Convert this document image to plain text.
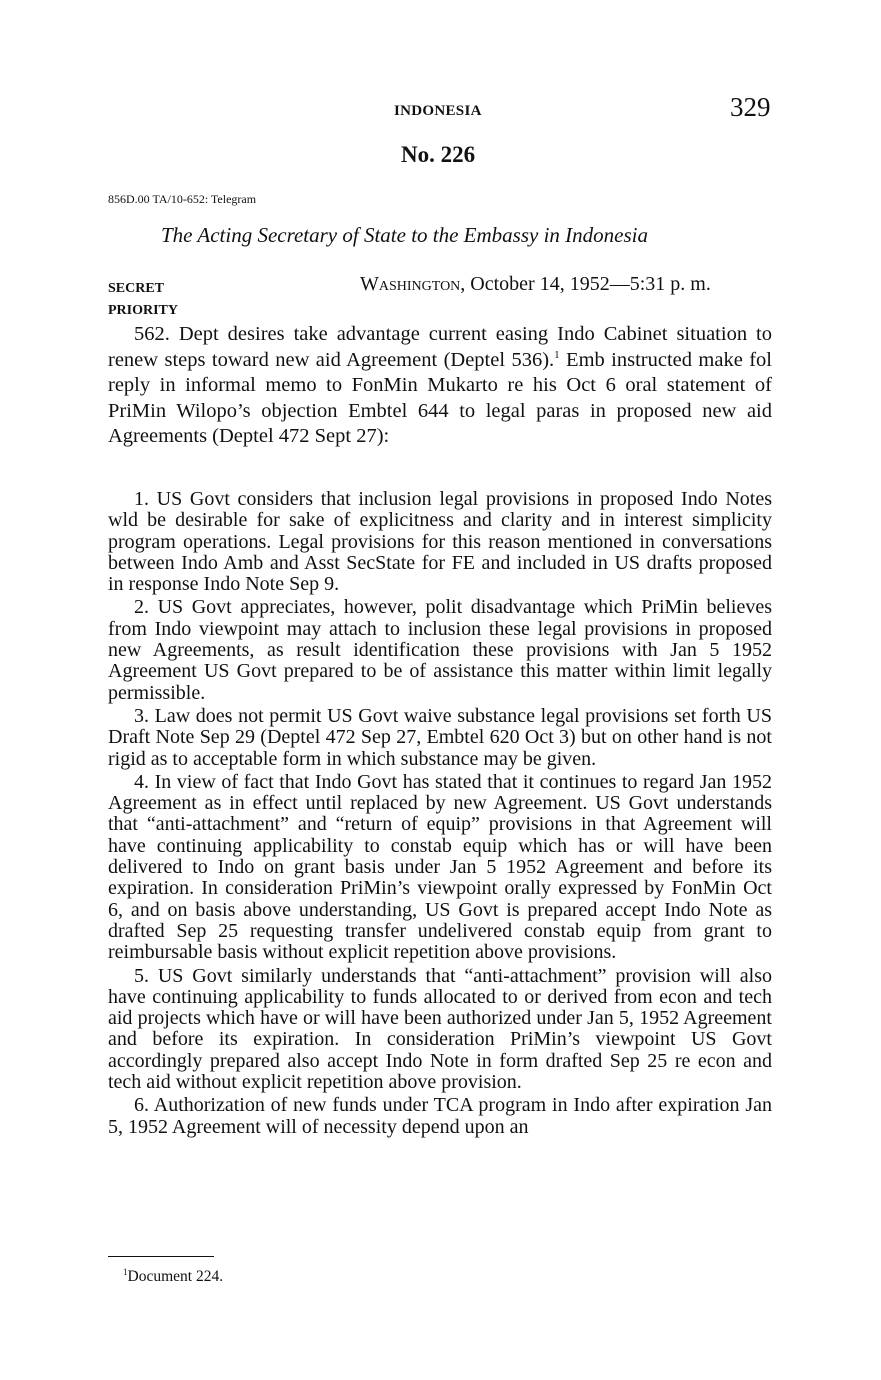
INDONESIA	329
No. 226
856D.00 TA/10-652: Telegram
The Acting Secretary of State to the Embassy in Indonesia
SECRET
PRIORITY
Washington, October 14, 1952—5:31 p. m.
562. Dept desires take advantage current easing Indo Cabinet situation to renew steps toward new aid Agreement (Deptel 536).$^1$ Emb instructed make fol reply in informal memo to FonMin Mukarto re his Oct 6 oral statement of PriMin Wilopo’s objection Embtel 644 to legal paras in proposed new aid Agreements (Deptel 472 Sept 27):

1. US Govt considers that inclusion legal provisions in proposed Indo Notes wld be desirable for sake of explicitness and clarity and in interest simplicity program operations. Legal provisions for this reason mentioned in conversations between Indo Amb and Asst SecState for FE and included in US drafts proposed in response Indo Note Sep 9.

2. US Govt appreciates, however, polit disadvantage which PriMin believes from Indo viewpoint may attach to inclusion these legal provisions in proposed new Agreements, as result identification these provisions with Jan 5 1952 Agreement US Govt prepared to be of assistance this matter within limit legally permissible.

3. Law does not permit US Govt waive substance legal provisions set forth US Draft Note Sep 29 (Deptel 472 Sep 27, Embtel 620 Oct 3) but on other hand is not rigid as to acceptable form in which substance may be given.

4. In view of fact that Indo Govt has stated that it continues to regard Jan 1952 Agreement as in effect until replaced by new Agreement. US Govt understands that “anti-attachment” and “return of equip” provisions in that Agreement will have continuing applicability to constab equip which has or will have been delivered to Indo on grant basis under Jan 5 1952 Agreement and before its expiration. In consideration PriMin’s viewpoint orally expressed by FonMin Oct 6, and on basis above understanding, US Govt is prepared accept Indo Note as drafted Sep 25 requesting transfer undelivered constab equip from grant to reimbursable basis without explicit repetition above provisions.

5. US Govt similarly understands that “anti-attachment” provision will also have continuing applicability to funds allocated to or derived from econ and tech aid projects which have or will have been authorized under Jan 5, 1952 Agreement and before its expiration. In consideration PriMin’s viewpoint US Govt accordingly prepared also accept Indo Note in form drafted Sep 25 re econ and tech aid without explicit repetition above provision.

6. Authorization of new funds under TCA program in Indo after expiration Jan 5, 1952 Agreement will of necessity depend upon an

$^1$Document 224.
